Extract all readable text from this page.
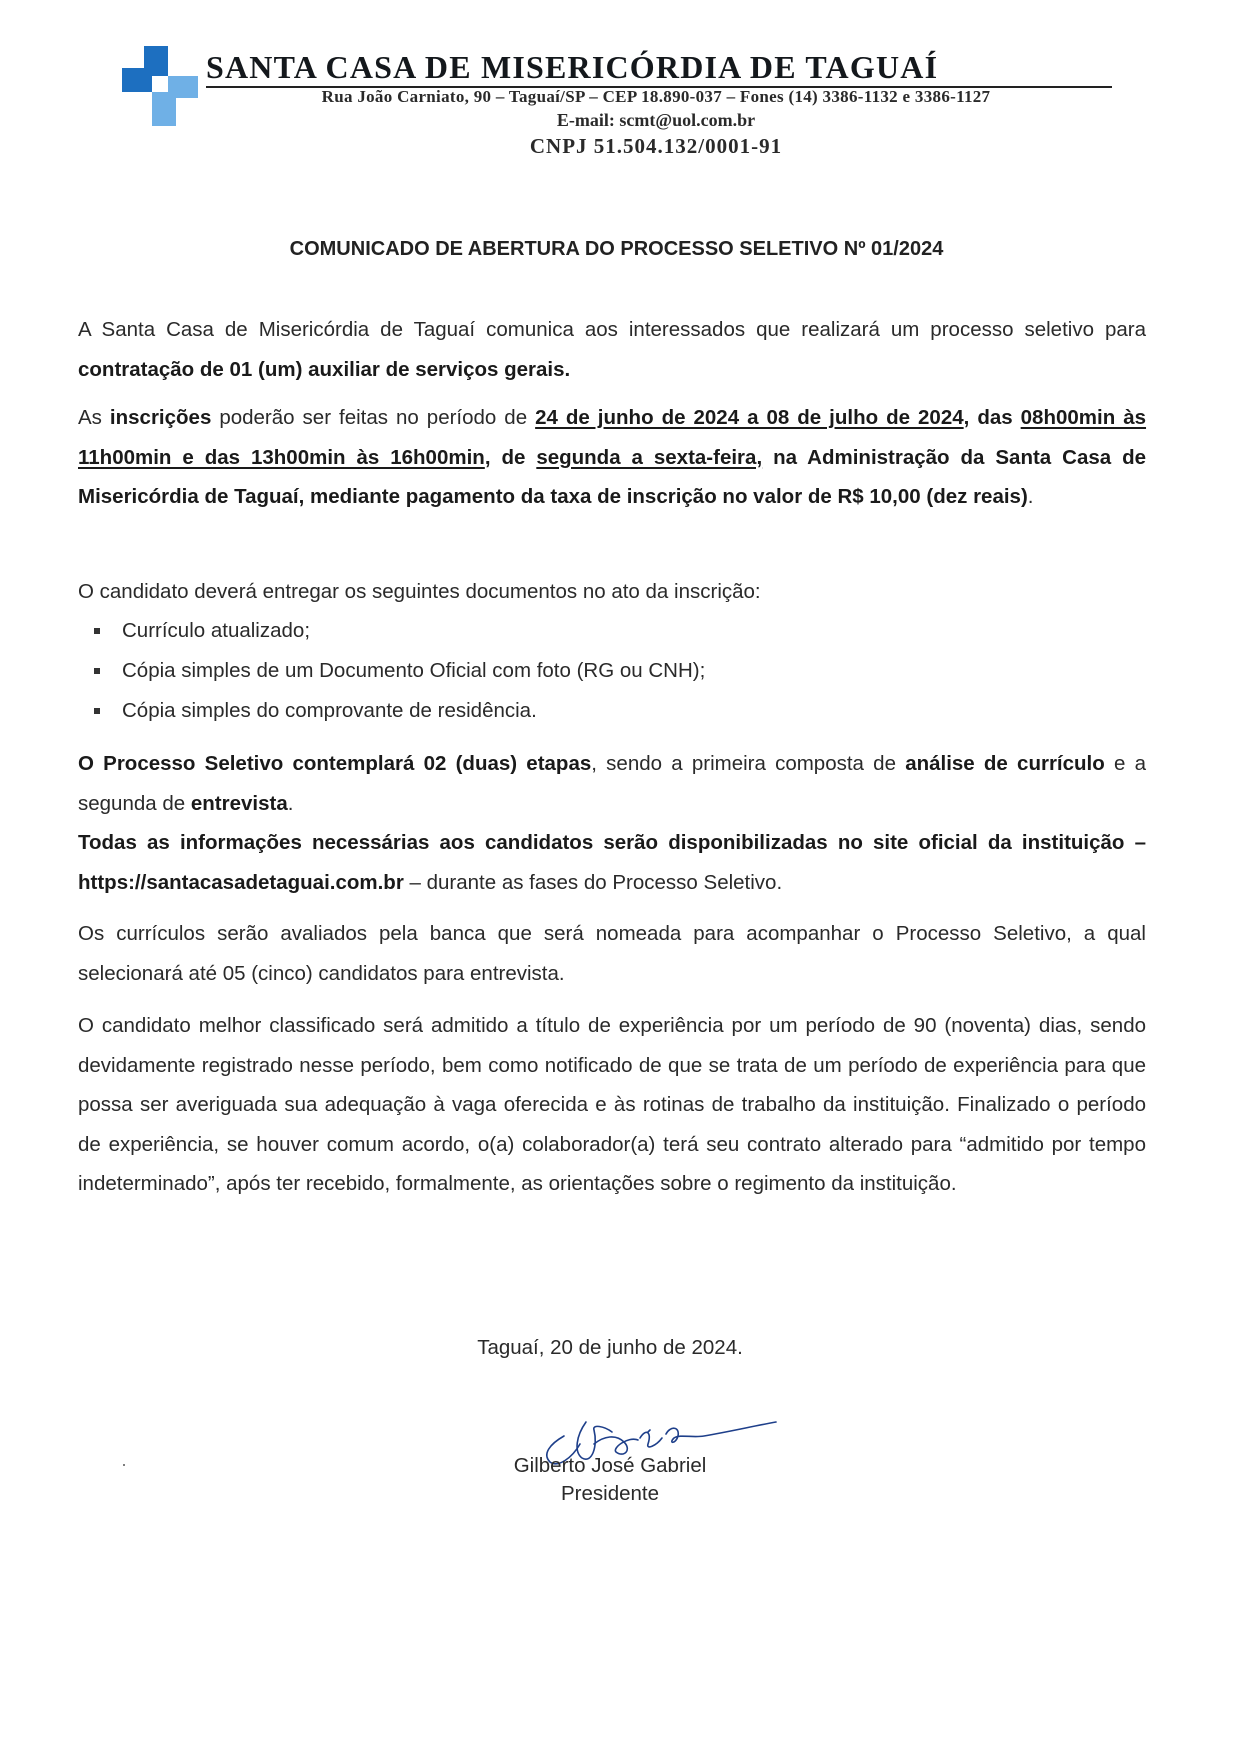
SANTA CASA DE MISERICÓRDIA DE TAGUAÍ
Rua João Carniato, 90 – Taguaí/SP – CEP 18.890-037 – Fones (14) 3386-1132 e 3386-1127
E-mail: scmt@uol.com.br
CNPJ 51.504.132/0001-91
COMUNICADO DE ABERTURA DO PROCESSO SELETIVO Nº 01/2024
A Santa Casa de Misericórdia de Taguaí comunica aos interessados que realizará um processo seletivo para contratação de 01 (um) auxiliar de serviços gerais.
As inscrições poderão ser feitas no período de 24 de junho de 2024 a 08 de julho de 2024, das 08h00min às 11h00min e das 13h00min às 16h00min, de segunda a sexta-feira, na Administração da Santa Casa de Misericórdia de Taguaí, mediante pagamento da taxa de inscrição no valor de R$ 10,00 (dez reais).
O candidato deverá entregar os seguintes documentos no ato da inscrição:
Currículo atualizado;
Cópia simples de um Documento Oficial com foto (RG ou CNH);
Cópia simples do comprovante de residência.
O Processo Seletivo contemplará 02 (duas) etapas, sendo a primeira composta de análise de currículo e a segunda de entrevista.
Todas as informações necessárias aos candidatos serão disponibilizadas no site oficial da instituição – https://santacasadetaguai.com.br – durante as fases do Processo Seletivo.
Os currículos serão avaliados pela banca que será nomeada para acompanhar o Processo Seletivo, a qual selecionará até 05 (cinco) candidatos para entrevista.
O candidato melhor classificado será admitido a título de experiência por um período de 90 (noventa) dias, sendo devidamente registrado nesse período, bem como notificado de que se trata de um período de experiência para que possa ser averiguada sua adequação à vaga oferecida e às rotinas de trabalho da instituição. Finalizado o período de experiência, se houver comum acordo, o(a) colaborador(a) terá seu contrato alterado para “admitido por tempo indeterminado”, após ter recebido, formalmente, as orientações sobre o regimento da instituição.
Taguaí, 20 de junho de 2024.
Gilberto José Gabriel
Presidente
